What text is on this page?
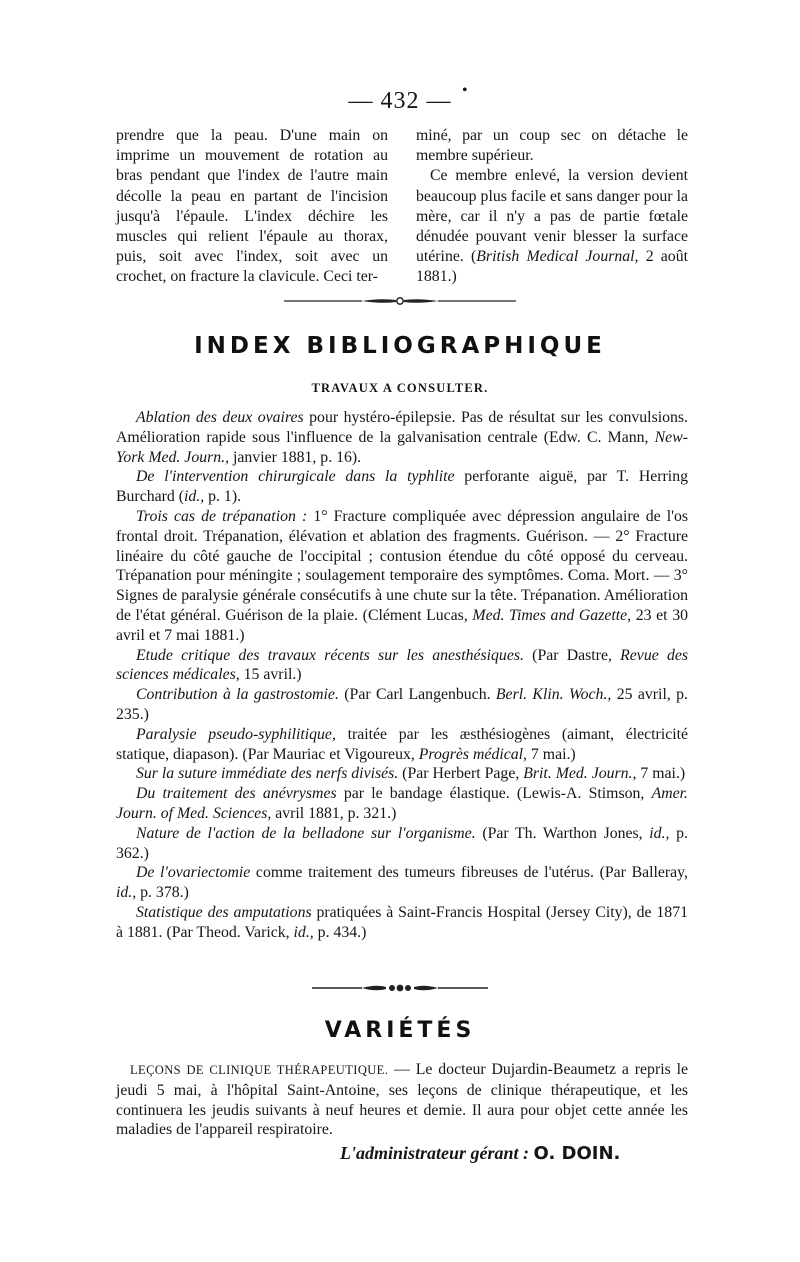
— 432 — •

prendre que la peau. D'une main on imprime un mouvement de rotation au bras pendant que l'index de l'autre main décolle la peau en partant de l'incision jusqu'à l'épaule. L'index déchire les muscles qui relient l'épaule au thorax, puis, soit avec l'index, soit avec un crochet, on fracture la clavicule. Ceci ter-

miné, par un coup sec on détache le membre supérieur.

Ce membre enlevé, la version devient beaucoup plus facile et sans danger pour la mère, car il n'y a pas de partie fœtale dénudée pouvant venir blesser la surface utérine. (British Medical Journal, 2 août 1881.)

INDEX BIBLIOGRAPHIQUE
TRAVAUX A CONSULTER.

Ablation des deux ovaires pour hystéro-épilepsie. Pas de résultat sur les convulsions. Amélioration rapide sous l'influence de la galvanisation centrale (Edw. C. Mann, New-York Med. Journ., janvier 1881, p. 16).

De l'intervention chirurgicale dans la typhlite perforante aiguë, par T. Herring Burchard (id., p. 1).

Trois cas de trépanation : 1° Fracture compliquée avec dépression angulaire de l'os frontal droit. Trépanation, élévation et ablation des fragments. Guérison. — 2° Fracture linéaire du côté gauche de l'occipital ; contusion étendue du côté opposé du cerveau. Trépanation pour méningite ; soulagement temporaire des symptômes. Coma. Mort. — 3° Signes de paralysie générale consécutifs à une chute sur la tête. Trépanation. Amélioration de l'état général. Guérison de la plaie. (Clément Lucas, Med. Times and Gazette, 23 et 30 avril et 7 mai 1881.)

Etude critique des travaux récents sur les anesthésiques. (Par Dastre, Revue des sciences médicales, 15 avril.)

Contribution à la gastrostomie. (Par Carl Langenbuch. Berl. Klin. Woch., 25 avril, p. 235.)

Paralysie pseudo-syphilitique, traitée par les æsthésiogènes (aimant, électricité statique, diapason). (Par Mauriac et Vigoureux, Progrès médical, 7 mai.)

Sur la suture immédiate des nerfs divisés. (Par Herbert Page, Brit. Med. Journ., 7 mai.)

Du traitement des anévrysmes par le bandage élastique. (Lewis-A. Stimson, Amer. Journ. of Med. Sciences, avril 1881, p. 321.)

Nature de l'action de la belladone sur l'organisme. (Par Th. Warthon Jones, id., p. 362.)

De l'ovariectomie comme traitement des tumeurs fibreuses de l'utérus. (Par Balleray, id., p. 378.)

Statistique des amputations pratiquées à Saint-Francis Hospital (Jersey City), de 1871 à 1881. (Par Theod. Varick, id., p. 434.)

VARIÉTÉS

LEÇONS DE CLINIQUE THÉRAPEUTIQUE. — Le docteur Dujardin-Beaumetz a repris le jeudi 5 mai, à l'hôpital Saint-Antoine, ses leçons de clinique thérapeutique, et les continuera les jeudis suivants à neuf heures et demie. Il aura pour objet cette année les maladies de l'appareil respiratoire.

L'administrateur gérant : O. DOIN.
